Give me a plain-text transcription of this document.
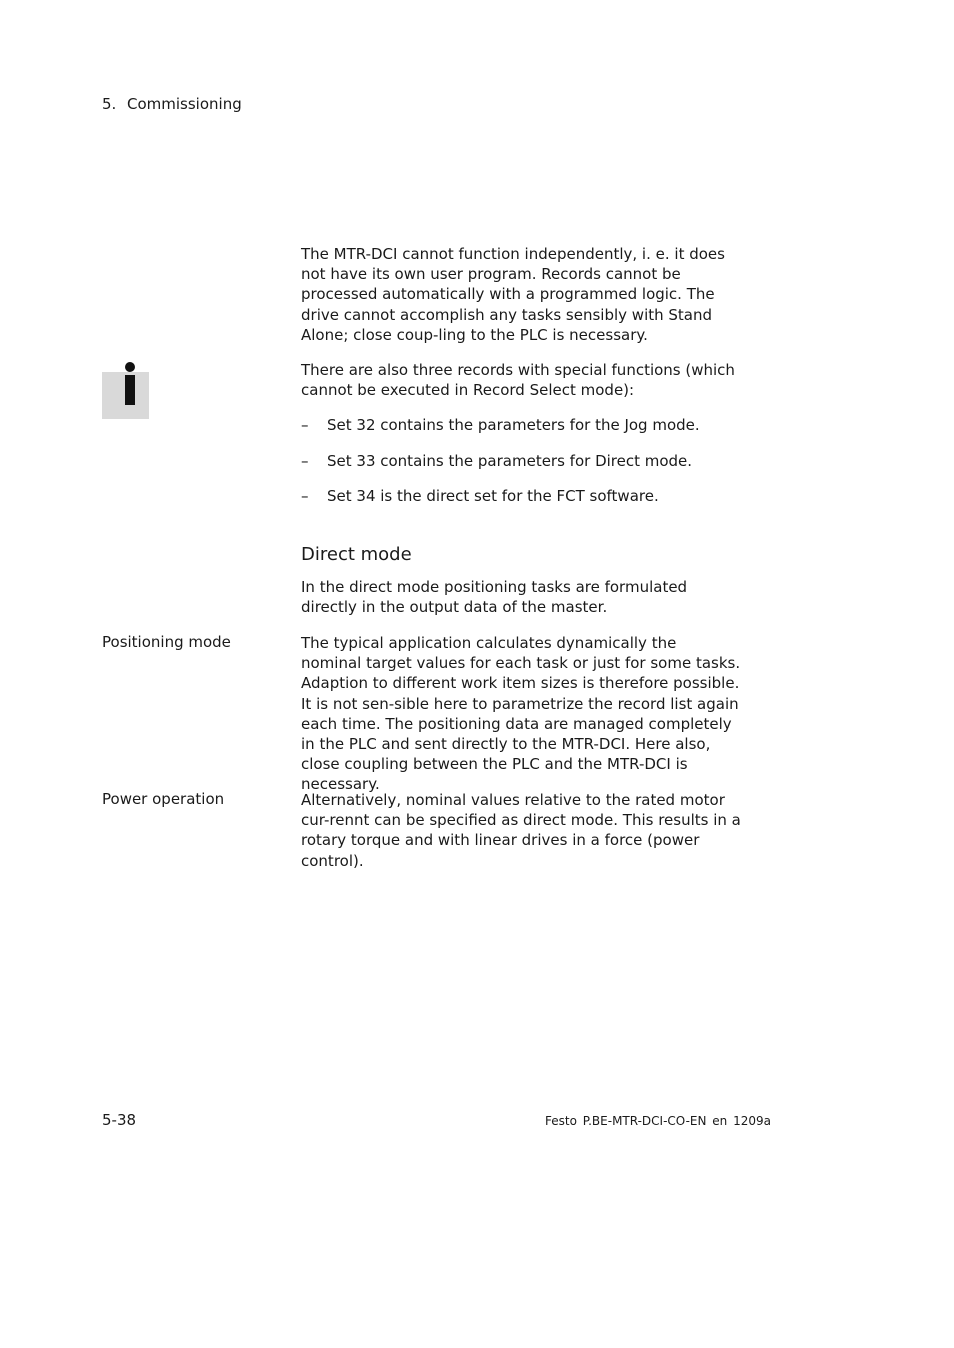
5. Commissioning

The MTR-DCI cannot function independently, i. e. it does not have its own user program. Records cannot be processed automatically with a programmed logic. The drive cannot accomplish any tasks sensibly with Stand Alone; close coup-ling to the PLC is necessary.

There are also three records with special functions (which cannot be executed in Record Select mode):

– Set 32 contains the parameters for the Jog mode.
– Set 33 contains the parameters for Direct mode.
– Set 34 is the direct set for the FCT software.
Direct mode

In the direct mode positioning tasks are formulated directly in the output data of the master.

Positioning mode	The typical application calculates dynamically the nominal target values for each task or just for some tasks. Adaption to different work item sizes is therefore possible. It is not sen-sible here to parametrize the record list again each time. The positioning data are managed completely in the PLC and sent directly to the MTR-DCI. Here also, close coupling between the PLC and the MTR-DCI is necessary.

Power operation	Alternatively, nominal values relative to the rated motor cur-rennt can be specified as direct mode. This results in a rotary torque and with linear drives in a force (power control).

5-38	Festo P.BE-MTR-DCI-CO-EN en 1209a
